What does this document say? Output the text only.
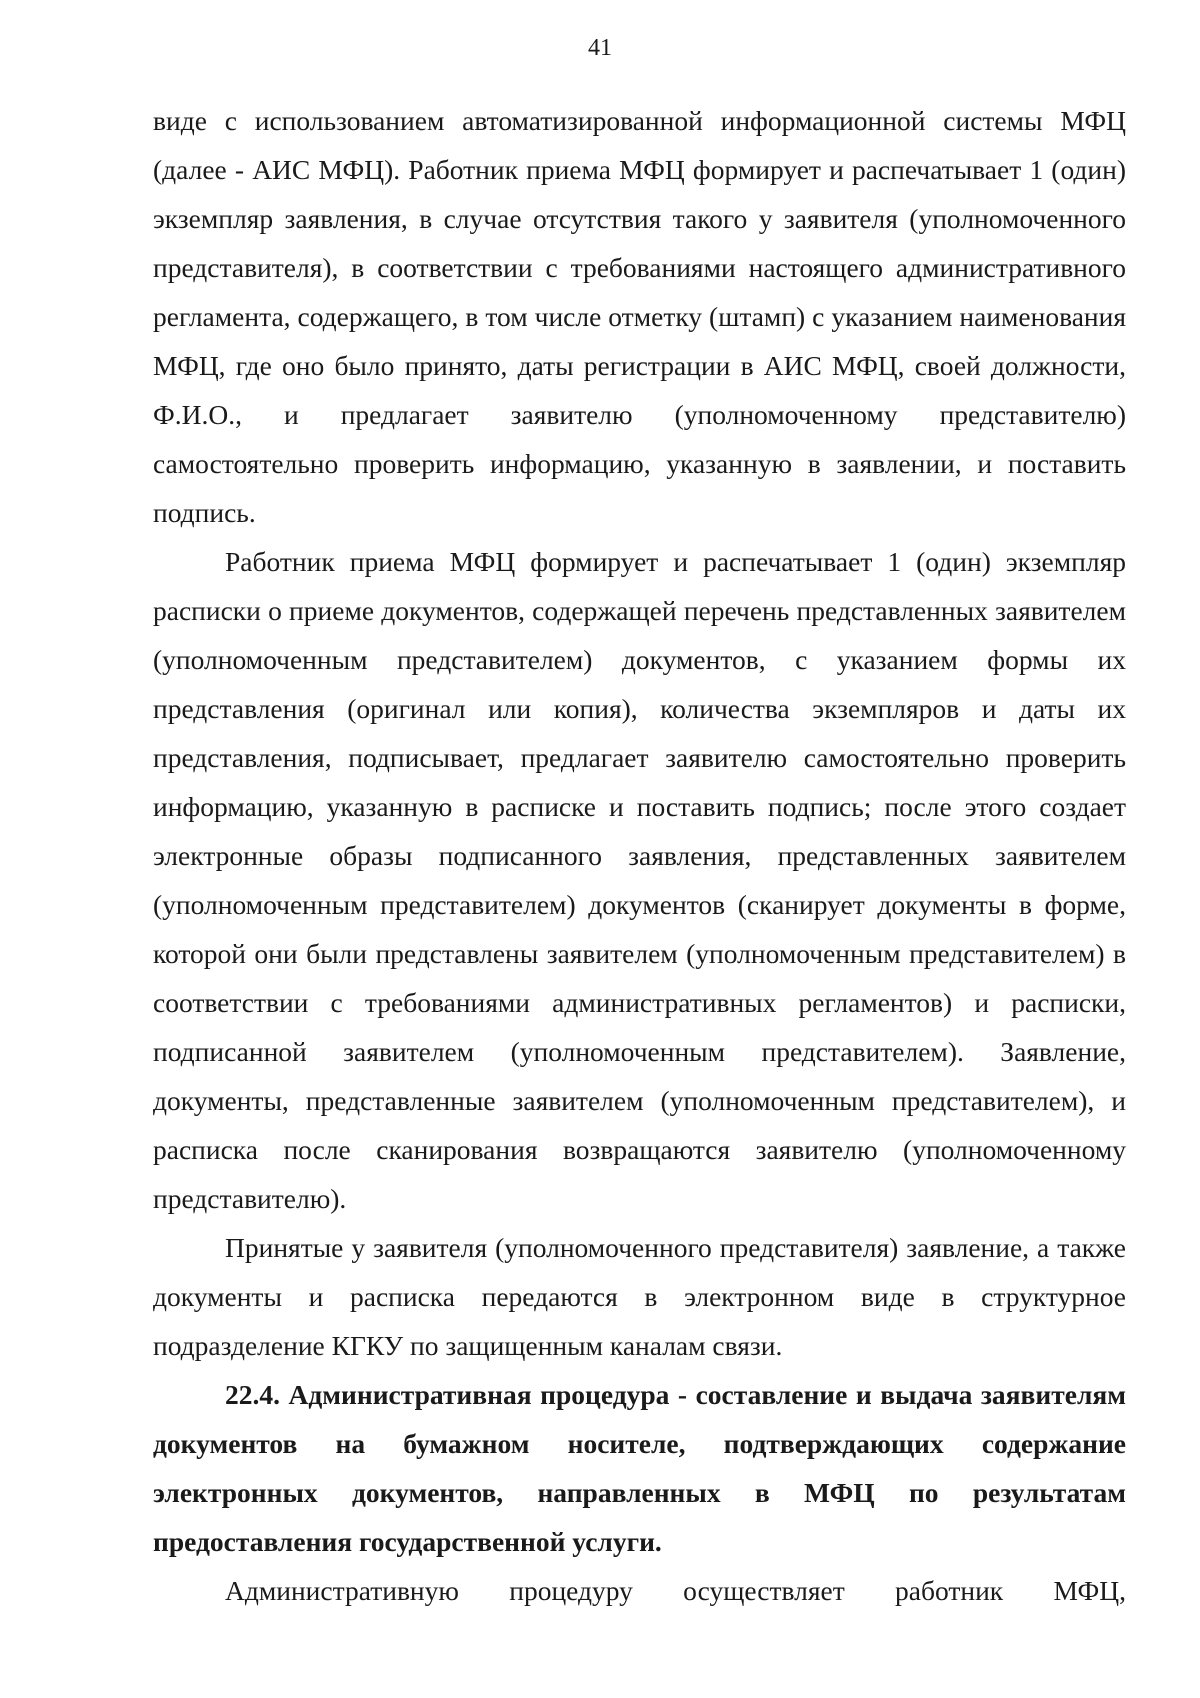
41

виде с использованием автоматизированной информационной системы МФЦ (далее - АИС МФЦ). Работник приема МФЦ формирует и распечатывает 1 (один) экземпляр заявления, в случае отсутствия такого у заявителя (уполномоченного представителя), в соответствии с требованиями настоящего административного регламента, содержащего, в том числе отметку (штамп) с указанием наименования МФЦ, где оно было принято, даты регистрации в АИС МФЦ, своей должности, Ф.И.О., и предлагает заявителю (уполномоченному представителю) самостоятельно проверить информацию, указанную в заявлении, и поставить подпись.

Работник приема МФЦ формирует и распечатывает 1 (один) экземпляр расписки о приеме документов, содержащей перечень представленных заявителем (уполномоченным представителем) документов, с указанием формы их представления (оригинал или копия), количества экземпляров и даты их представления, подписывает, предлагает заявителю самостоятельно проверить информацию, указанную в расписке и поставить подпись; после этого создает электронные образы подписанного заявления, представленных заявителем (уполномоченным представителем) документов (сканирует документы в форме, которой они были представлены заявителем (уполномоченным представителем) в соответствии с требованиями административных регламентов) и расписки, подписанной заявителем (уполномоченным представителем). Заявление, документы, представленные заявителем (уполномоченным представителем), и расписка после сканирования возвращаются заявителю (уполномоченному представителю).

Принятые у заявителя (уполномоченного представителя) заявление, а также документы и расписка передаются в электронном виде в структурное подразделение КГКУ по защищенным каналам связи.

22.4. Административная процедура - составление и выдача заявителям документов на бумажном носителе, подтверждающих содержание электронных документов, направленных в МФЦ по результатам предоставления государственной услуги.

Административную процедуру осуществляет работник МФЦ,
